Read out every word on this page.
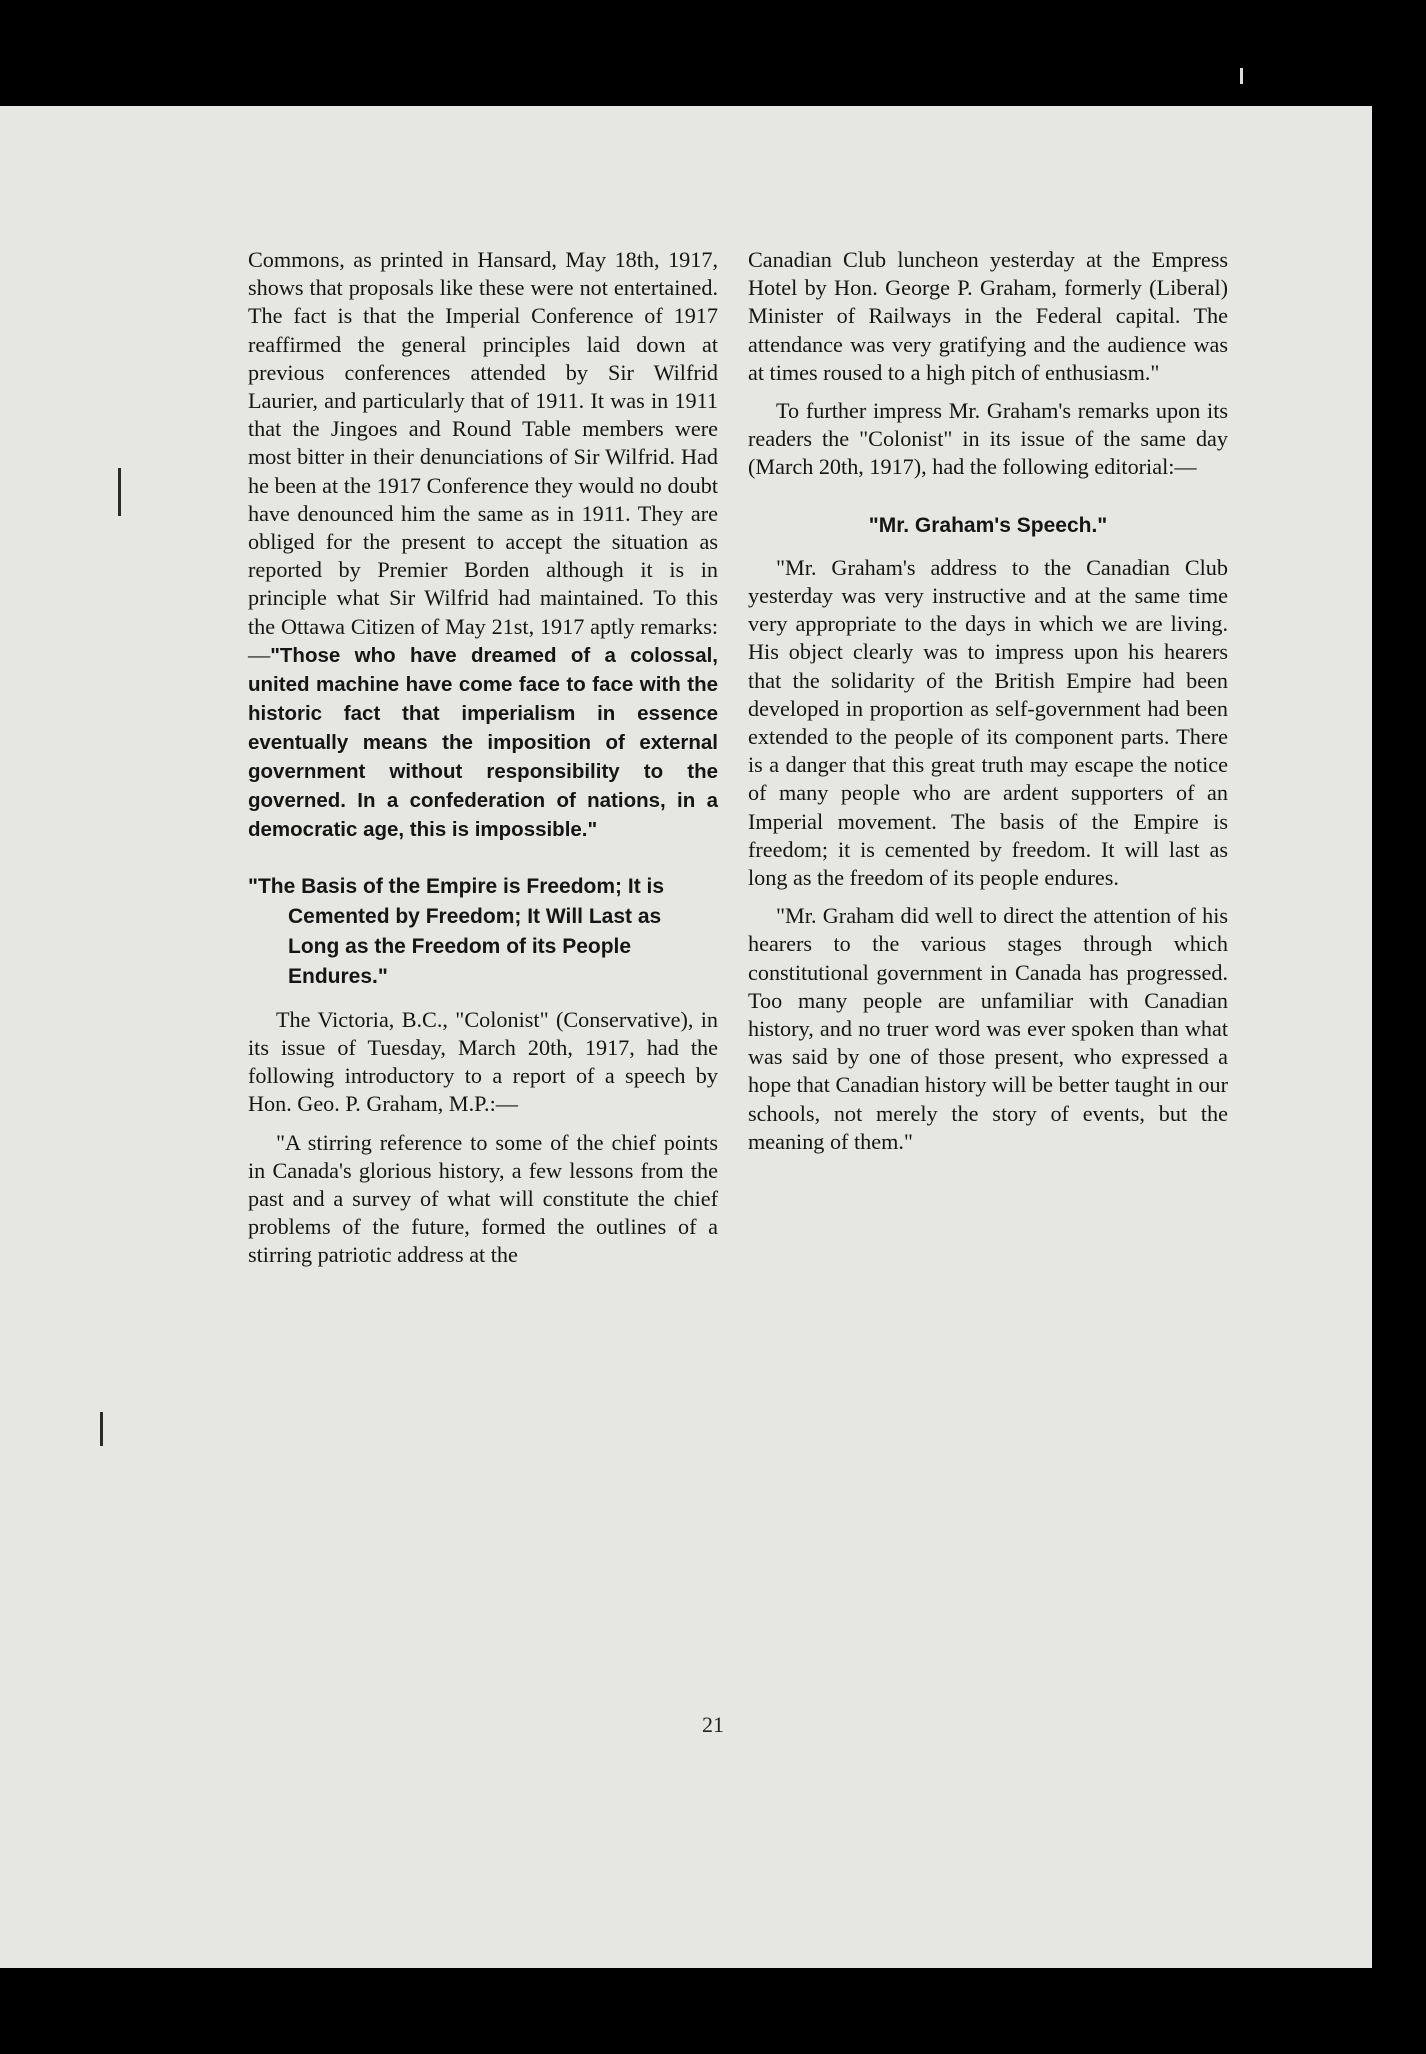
Commons, as printed in Hansard, May 18th, 1917, shows that proposals like these were not entertained. The fact is that the Imperial Conference of 1917 reaffirmed the general principles laid down at previous conferences attended by Sir Wilfrid Laurier, and particularly that of 1911. It was in 1911 that the Jingoes and Round Table members were most bitter in their denunciations of Sir Wilfrid. Had he been at the 1917 Conference they would no doubt have denounced him the same as in 1911. They are obliged for the present to accept the situation as reported by Premier Borden although it is in principle what Sir Wilfrid had maintained. To this the Ottawa Citizen of May 21st, 1917 aptly remarks:—"Those who have dreamed of a colossal, united machine have come face to face with the historic fact that imperialism in essence eventually means the imposition of external government without responsibility to the governed. In a confederation of nations, in a democratic age, this is impossible."

"The Basis of the Empire is Freedom; It is Cemented by Freedom; It Will Last as Long as the Freedom of its People Endures."

The Victoria, B.C., "Colonist" (Conservative), in its issue of Tuesday, March 20th, 1917, had the following introductory to a report of a speech by Hon. Geo. P. Graham, M.P.:—

"A stirring reference to some of the chief points in Canada's glorious history, a few lessons from the past and a survey of what will constitute the chief problems of the future, formed the outlines of a stirring patriotic address at the

Canadian Club luncheon yesterday at the Empress Hotel by Hon. George P. Graham, formerly (Liberal) Minister of Railways in the Federal capital. The attendance was very gratifying and the audience was at times roused to a high pitch of enthusiasm."

To further impress Mr. Graham's remarks upon its readers the "Colonist" in its issue of the same day (March 20th, 1917), had the following editorial:—

"Mr. Graham's Speech."

"Mr. Graham's address to the Canadian Club yesterday was very instructive and at the same time very appropriate to the days in which we are living. His object clearly was to impress upon his hearers that the solidarity of the British Empire had been developed in proportion as self-government had been extended to the people of its component parts. There is a danger that this great truth may escape the notice of many people who are ardent supporters of an Imperial movement. The basis of the Empire is freedom; it is cemented by freedom. It will last as long as the freedom of its people endures.

"Mr. Graham did well to direct the attention of his hearers to the various stages through which constitutional government in Canada has progressed. Too many people are unfamiliar with Canadian history, and no truer word was ever spoken than what was said by one of those present, who expressed a hope that Canadian history will be better taught in our schools, not merely the story of events, but the meaning of them."

21
